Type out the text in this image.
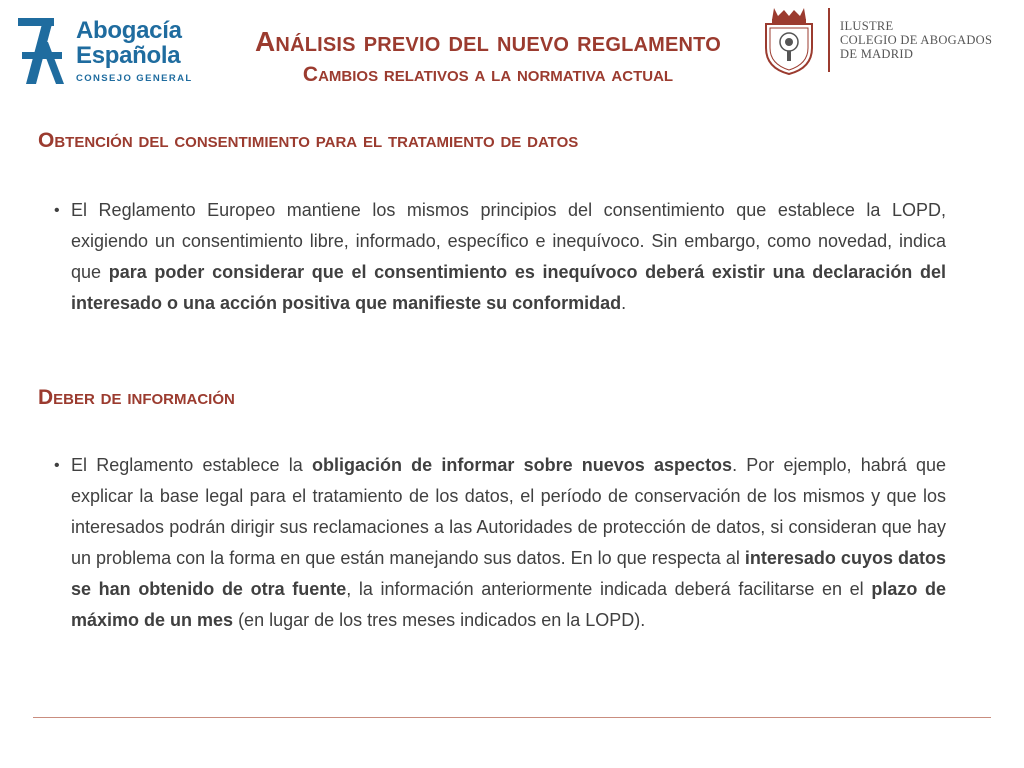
Abogacía
Española
CONSEJO GENERAL
Análisis previo del nuevo reglamento
Cambios relativos a la normativa actual
ILUSTRE
COLEGIO DE ABOGADOS
DE MADRID
Obtención del consentimiento para el tratamiento de datos
• El Reglamento Europeo mantiene los mismos principios del consentimiento que establece la LOPD, exigiendo un consentimiento libre, informado, específico e inequívoco. Sin embargo, como novedad, indica que para poder considerar que el consentimiento es inequívoco deberá existir una declaración del interesado o una acción positiva que manifieste su conformidad.
Deber de información
• El Reglamento establece la obligación de informar sobre nuevos aspectos. Por ejemplo, habrá que explicar la base legal para el tratamiento de los datos, el período de conservación de los mismos y que los interesados podrán dirigir sus reclamaciones a las Autoridades de protección de datos, si consideran que hay un problema con la forma en que están manejando sus datos. En lo que respecta al interesado cuyos datos se han obtenido de otra fuente, la información anteriormente indicada deberá facilitarse en el plazo de máximo de un mes (en lugar de los tres meses indicados en la LOPD).
